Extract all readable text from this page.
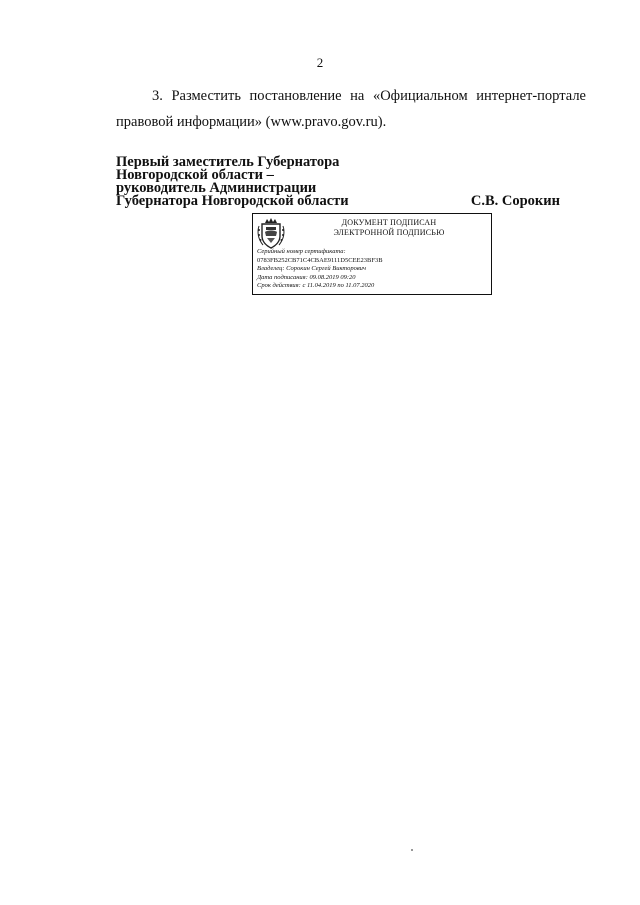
2
3. Разместить постановление на «Официальном интернет-портале
правовой информации» (www.pravo.gov.ru).
Первый заместитель Губернатора
Новгородской области –
руководитель Администрации
Губернатора Новгородской области	С.В. Сорокин
ДОКУМЕНТ ПОДПИСАН
ЭЛЕКТРОННОЙ ПОДПИСЬЮ
Серийный номер сертификата:
0783FB252CB71C4CBAE9111D5CEE23BF3B
Владелец: Сорокин Сергей Викторович
Дата подписания: 09.08.2019 09:20
Срок действия: с 11.04.2019 по 11.07.2020
